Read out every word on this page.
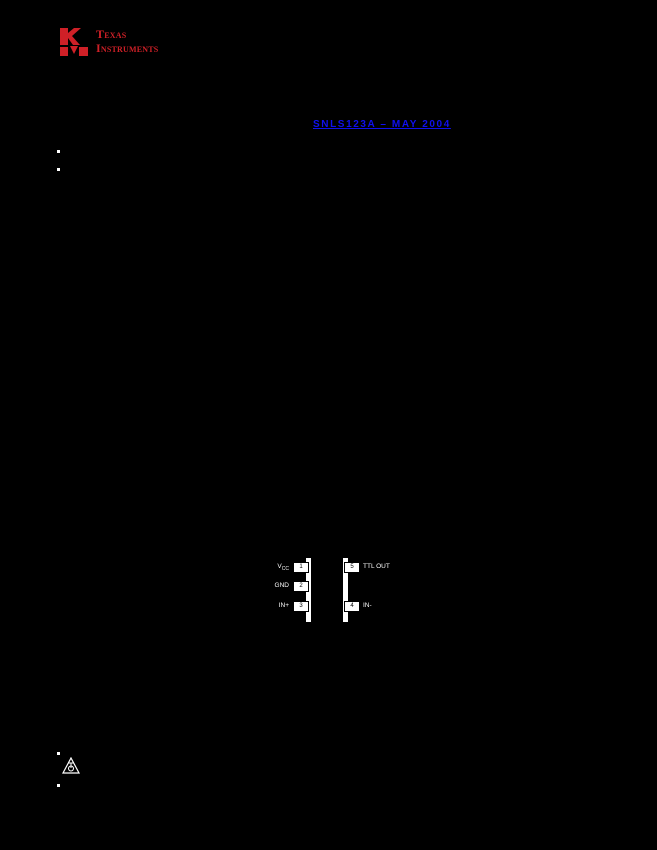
Texas
Instruments
SNLS123A – MAY 2004
1
2
3
5
4
$V_{CC}$
GND
IN+
TTL OUT
IN-
